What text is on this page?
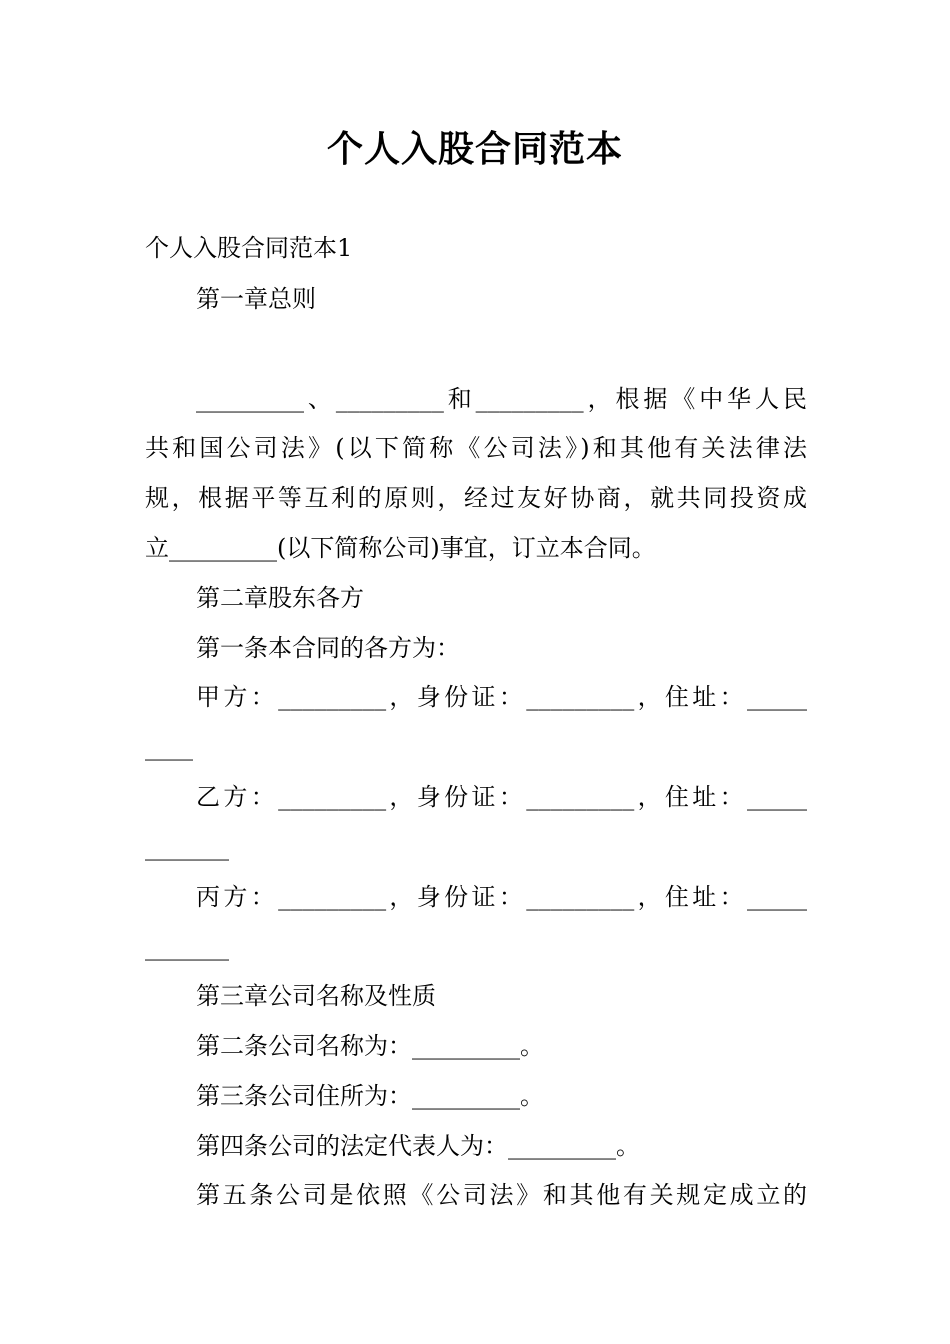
个人入股合同范本
个人入股合同范本1
第一章总则
_________、_________和_________，根据《中华人民
共和国公司法》(以下简称《公司法》)和其他有关法律法
规，根据平等互利的原则，经过友好协商，就共同投资成
立_________(以下简称公司)事宜，订立本合同。
第二章股东各方
第一条本合同的各方为：
甲方：_________，身份证：_________，住址：_____
____
乙方：_________，身份证：_________，住址：_____
_______
丙方：_________，身份证：_________，住址：_____
_______
第三章公司名称及性质
第二条公司名称为：_________。
第三条公司住所为：_________。
第四条公司的法定代表人为：_________。
第五条公司是依照《公司法》和其他有关规定成立的
